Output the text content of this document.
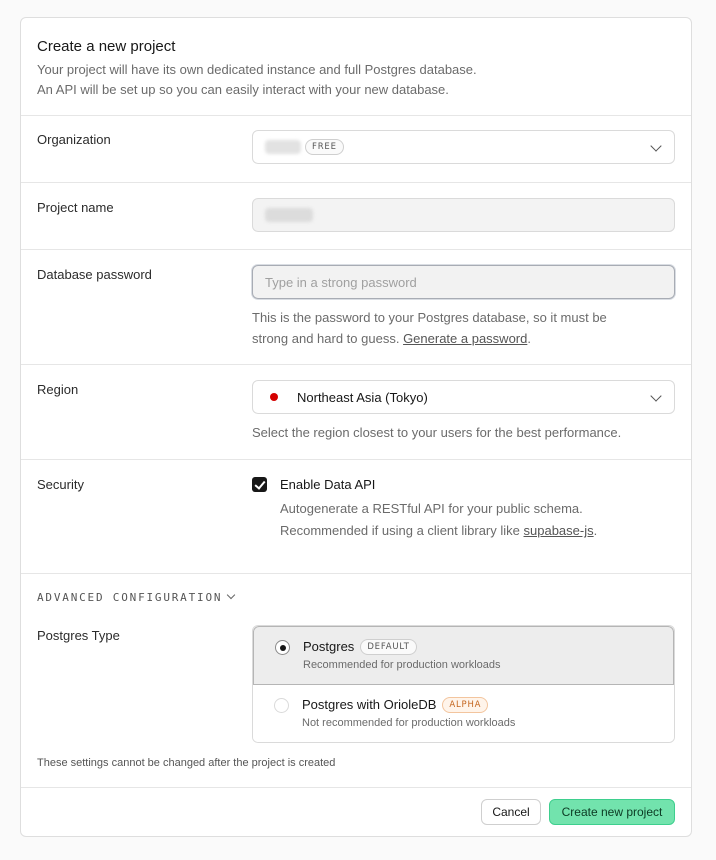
Create a new project

Your project will have its own dedicated instance and full Postgres database.

An API will be set up so you can easily interact with your new database.

Organization	FREE
Project name
Database password	Type in a strong password
This is the password to your Postgres database, so it must be
strong and hard to guess. Generate a password.
Region	Northeast Asia (Tokyo)
Select the region closest to your users for the best performance.
Security	Enable Data API
Autogenerate a RESTful API for your public schema.
Recommended if using a client library like supabase-js.
ADVANCED CONFIGURATION
Postgres Type
Postgres DEFAULT
Recommended for production workloads
Postgres with OrioleDB ALPHA
Not recommended for production workloads
These settings cannot be changed after the project is created
Cancel	Create new project
